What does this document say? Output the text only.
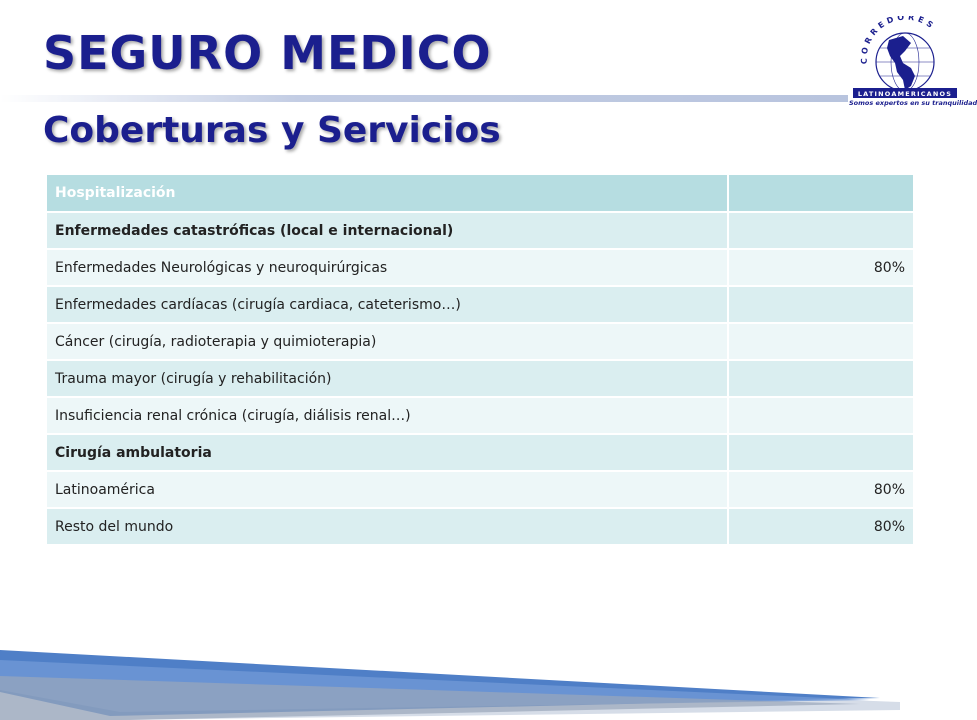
SEGURO MEDICO
Coberturas y Servicios
CORREDORES
LATINOAMERICANOS
Somos expertos en su tranquilidad
Hospitalización	
Enfermedades catastróficas (local e internacional)	
Enfermedades Neurológicas y neuroquirúrgicas	80%
Enfermedades cardíacas (cirugía cardiaca, cateterismo…)	
Cáncer (cirugía, radioterapia y quimioterapia)	
Trauma mayor (cirugía y rehabilitación)	
Insuficiencia renal crónica (cirugía, diálisis renal…)	
Cirugía ambulatoria	
Latinoamérica	80%
Resto del mundo	80%
